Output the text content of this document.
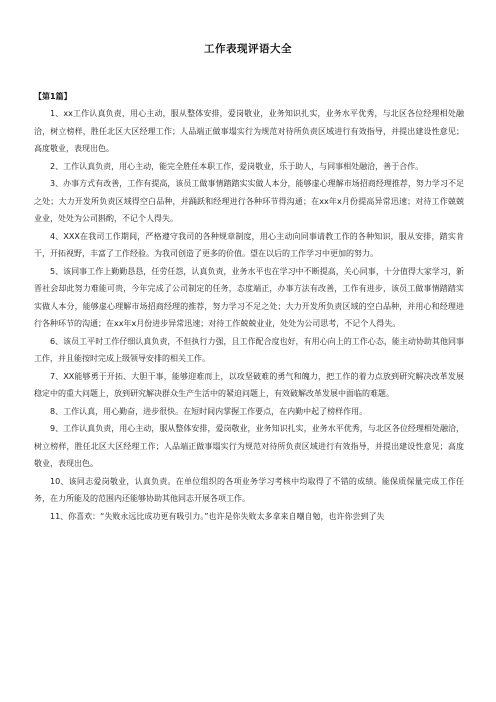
工作表现评语大全
【第1篇】

1、xx工作认真负责，用心主动，服从整体安排，爱岗敬业，业务知识扎实，业务水平优秀，与北区各位经理相处融洽，树立榜样，胜任北区大区经理工作；人品端正做事塌实行为规范对待所负责区域进行有效指导，并提出建设性意见；高度敬业，表现出色。

2、工作认真负责，用心主动，能完全胜任本职工作，爱岗敬业，乐于助人，与同事相处融洽，善于合作。

3、办事方式有改善，工作有提高，该员工做事情踏踏实实做人本分，能够虚心理解市场招商经理推荐，努力学习不足之处；大力开发所负责区域得空白品种，并踊跃和经理进行各种环节得沟通；在xx年x月份提高异常迅速；对待工作兢兢业业，处处为公司斟酌，不记个人得失。

4、XXX在我司工作期间，严格遵守我司的各种规章制度，用心主动向同事请教工作的各种知识，服从安排，踏实肯干，开拓视野，丰富了工作经验。为我司创造了更多的价值。望在以后的工作学习中更加的努力。

5、该同事工作上勤勤恳恳，任劳任怨，认真负责，业务水平也在学习中不断提高，关心同事，十分值得大家学习，新晋社会却此努力难能可贵，今年完成了公司制定的任务，态度端正，办事方法有改善，工作有进步，该员工做事情踏踏实实做人本分，能够虚心理解市场招商经理的推荐，努力学习不足之处；大力开发所负责区域的空白品种，并用心和经理进行各种环节的沟通；在xx年x月份进步异常迅速；对待工作兢兢业业，处处为公司思考，不记个人得失。

6、该员工平时工作仔细认真负责，不但执行力强，且工作配合度也好，有用心向上的工作心态，能主动协助其他同事工作，并且能按时完成上级领导安排的相关工作。

7、XX能够勇于开拓、大胆干事，能够迎难而上，以攻坚破难的勇气和魄力，把工作的着力点放到研究解决改革发展稳定中的重大问题上，放到研究解决群众生产生活中的紧迫问题上，有效破解改革发展中面临的难题。

8、工作认真，用心勤奋，进步很快。在短时间内掌握工作要点，在内勤中起了榜样作用。

9、工作认真负责，用心主动，服从整体安排，爱岗敬业，业务知识扎实，业务水平优秀，与北区各位经理相处融洽，树立榜样，胜任北区大区经理工作；人品端正做事塌实行为规范对待所负责区域进行有效指导，并提出建设性意见；高度敬业，表现出色。

10、该同志爱岗敬业，认真负责。在单位组织的各项业务学习考核中均取得了不错的成绩。能保质保量完成工作任务，在力所能及的范围内还能够协助其他同志开展各项工作。

11、你喜欢：“失败永远比成功更有吸引力。”也许是你失败太多拿来自嘲自勉，也许你尝到了失
